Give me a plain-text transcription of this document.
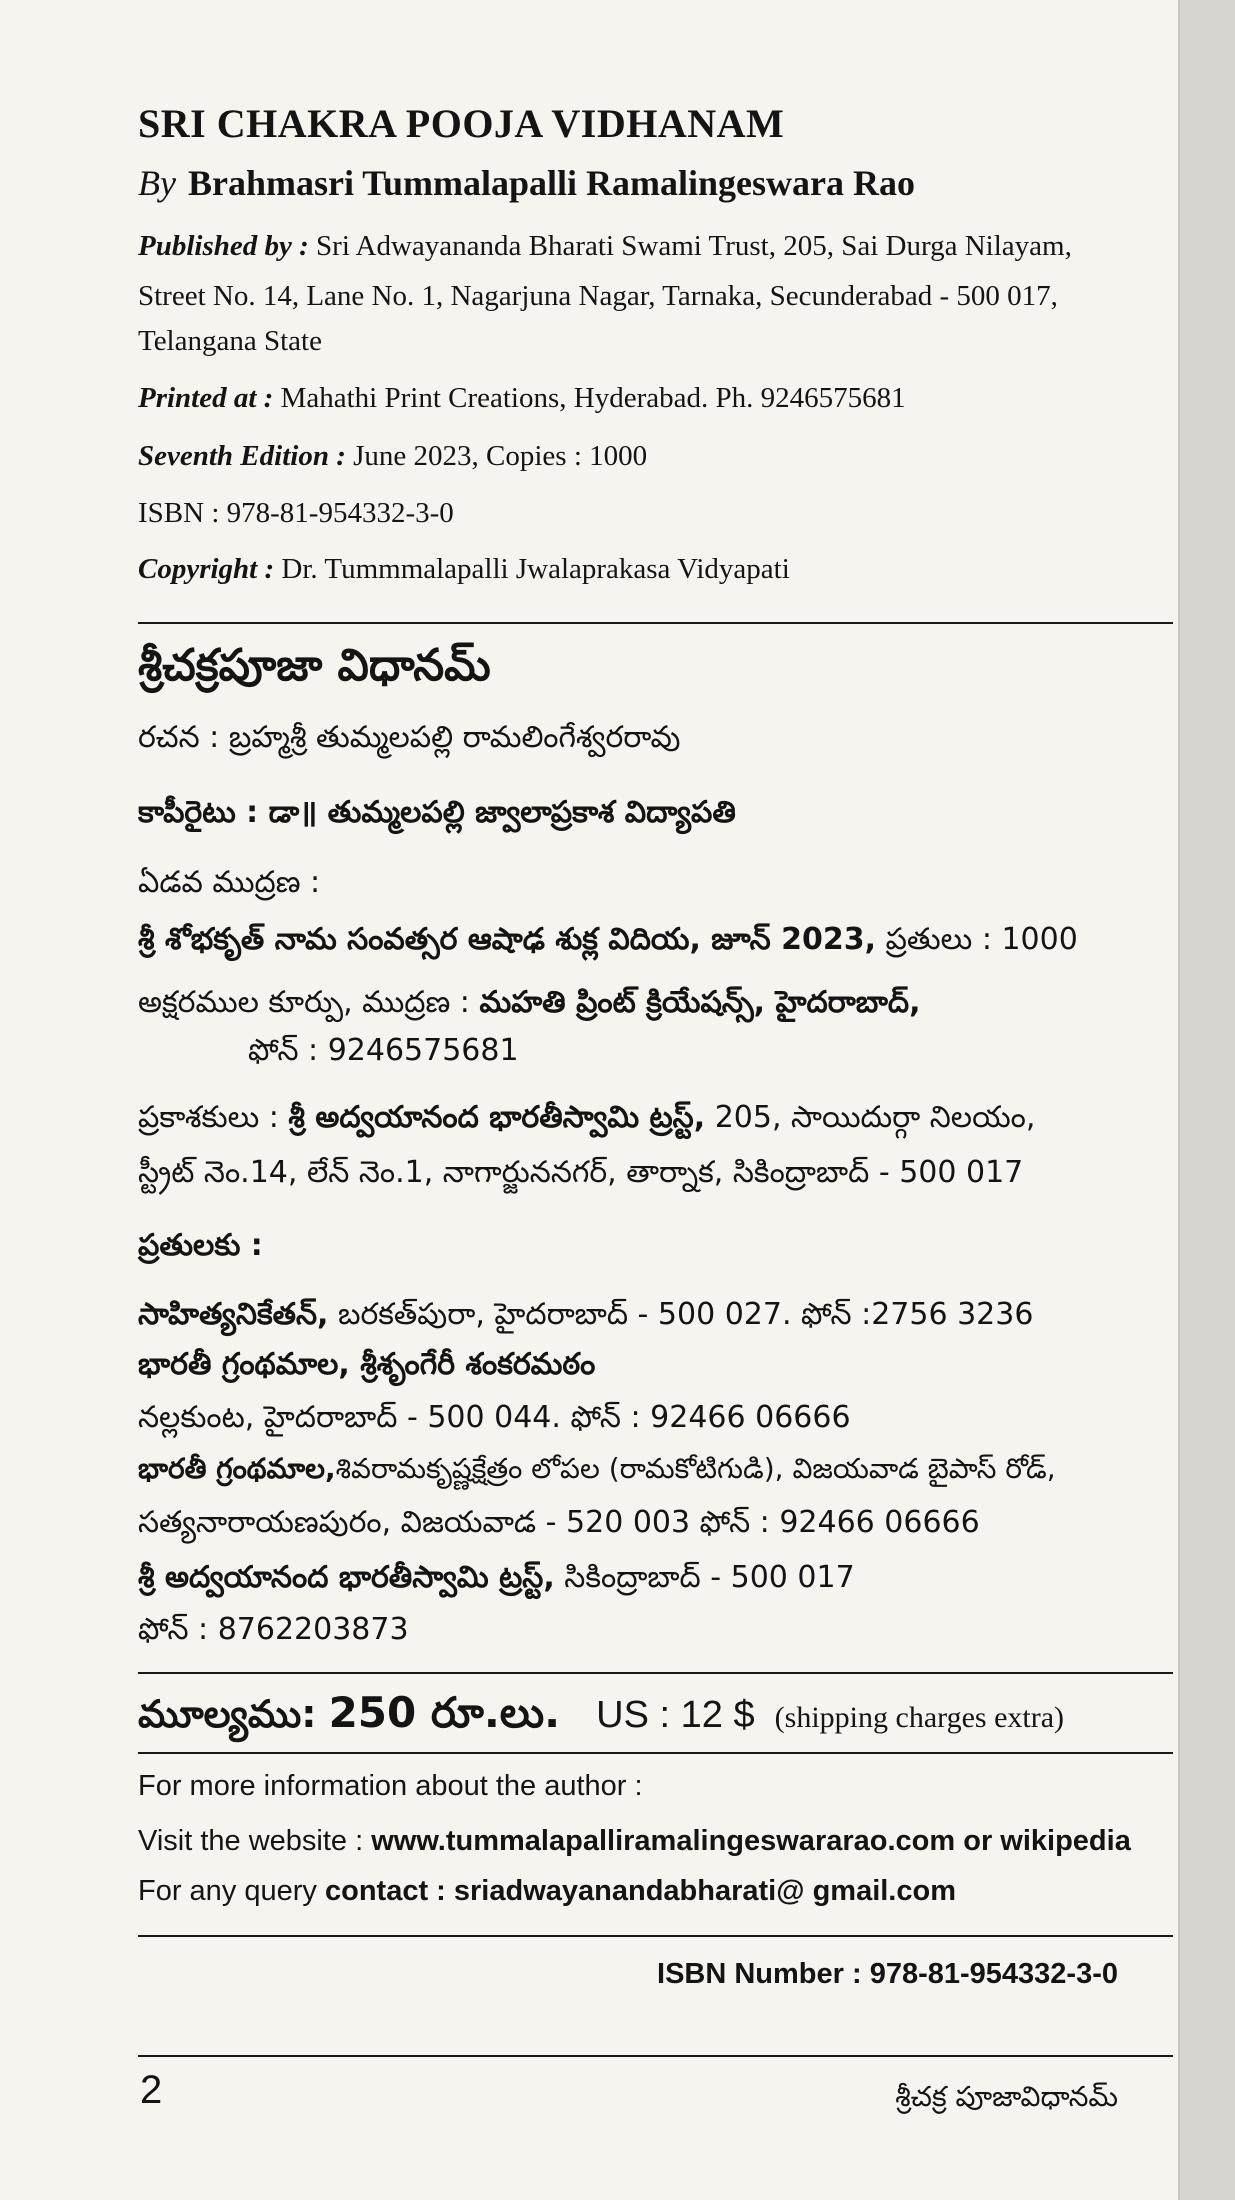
SRI CHAKRA POOJA VIDHANAM
By Brahmasri Tummalapalli Ramalingeswara Rao
Published by : Sri Adwayananda Bharati Swami Trust, 205, Sai Durga Nilayam,
Street No. 14, Lane No. 1, Nagarjuna Nagar, Tarnaka, Secunderabad - 500 017,
Telangana State
Printed at : Mahathi Print Creations, Hyderabad. Ph. 9246575681
Seventh Edition : June 2023, Copies : 1000
ISBN : 978-81-954332-3-0
Copyright : Dr. Tummmalapalli Jwalaprakasa Vidyapati
శ్రీచక్రపూజా విధానమ్
రచన : బ్రహ్మశ్రీ తుమ్మలపల్లి రామలింగేశ్వరరావు
కాపీరైటు : డా॥ తుమ్మలపల్లి జ్వాలాప్రకాశ విద్యాపతి
ఏడవ ముద్రణ :
శ్రీ శోభకృత్ నామ సంవత్సర ఆషాఢ శుక్ల విదియ, జూన్ 2023, ప్రతులు : 1000
అక్షరముల కూర్పు, ముద్రణ : మహతి ప్రింట్ క్రియేషన్స్, హైదరాబాద్,
ఫోన్ : 9246575681
ప్రకాశకులు : శ్రీ అద్వయానంద భారతీస్వామి ట్రస్ట్, 205, సాయిదుర్గా నిలయం,
స్ట్రీట్ నెం.14, లేన్ నెం.1, నాగార్జుననగర్, తార్నాక, సికింద్రాబాద్ - 500 017
ప్రతులకు :
సాహిత్యనికేతన్, బరకత్‌పురా, హైదరాబాద్ - 500 027. ఫోన్ :2756 3236
భారతీ గ్రంథమాల, శ్రీశృంగేరీ శంకరమఠం
నల్లకుంట, హైదరాబాద్ - 500 044. ఫోన్ : 92466 06666
భారతీ గ్రంథమాల,శివరామకృష్ణక్షేత్రం లోపల (రామకోటిగుడి), విజయవాడ బైపాస్ రోడ్,
సత్యనారాయణపురం, విజయవాడ - 520 003 ఫోన్ : 92466 06666
శ్రీ అద్వయానంద భారతీస్వామి ట్రస్ట్, సికింద్రాబాద్ - 500 017
ఫోన్ : 8762203873
మూల్యము: 250 రూ.లు. US : 12 $ (shipping charges extra)
For more information about the author :
Visit the website : www.tummalapalliramalingeswararao.com or wikipedia
For any query contact : sriadwayanandabharati@ gmail.com
ISBN Number : 978-81-954332-3-0
2	శ్రీచక్ర పూజావిధానమ్
